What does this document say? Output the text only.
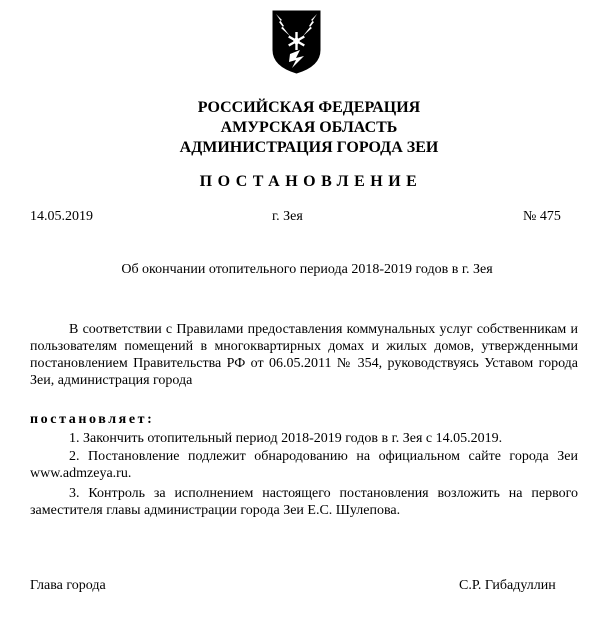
РОССИЙСКАЯ ФЕДЕРАЦИЯ
АМУРСКАЯ ОБЛАСТЬ
АДМИНИСТРАЦИЯ ГОРОДА ЗЕИ
ПОСТАНОВЛЕНИЕ
14.05.2019	г. Зея	№ 475
Об окончании отопительного периода 2018-2019 годов в г. Зея
В соответствии с Правилами предоставления коммунальных услуг собственникам и пользователям помещений в многоквартирных домах и жилых домов, утвержденными постановлением Правительства РФ от 06.05.2011 № 354, руководствуясь Уставом города Зеи, администрация города
постановляет:
1. Закончить отопительный период 2018-2019 годов в г. Зея с 14.05.2019.
2. Постановление подлежит обнародованию на официальном сайте города Зеи www.admzeya.ru.
3. Контроль за исполнением настоящего постановления возложить на первого заместителя главы администрации города Зеи Е.С. Шулепова.
Глава города	С.Р. Гибадуллин
